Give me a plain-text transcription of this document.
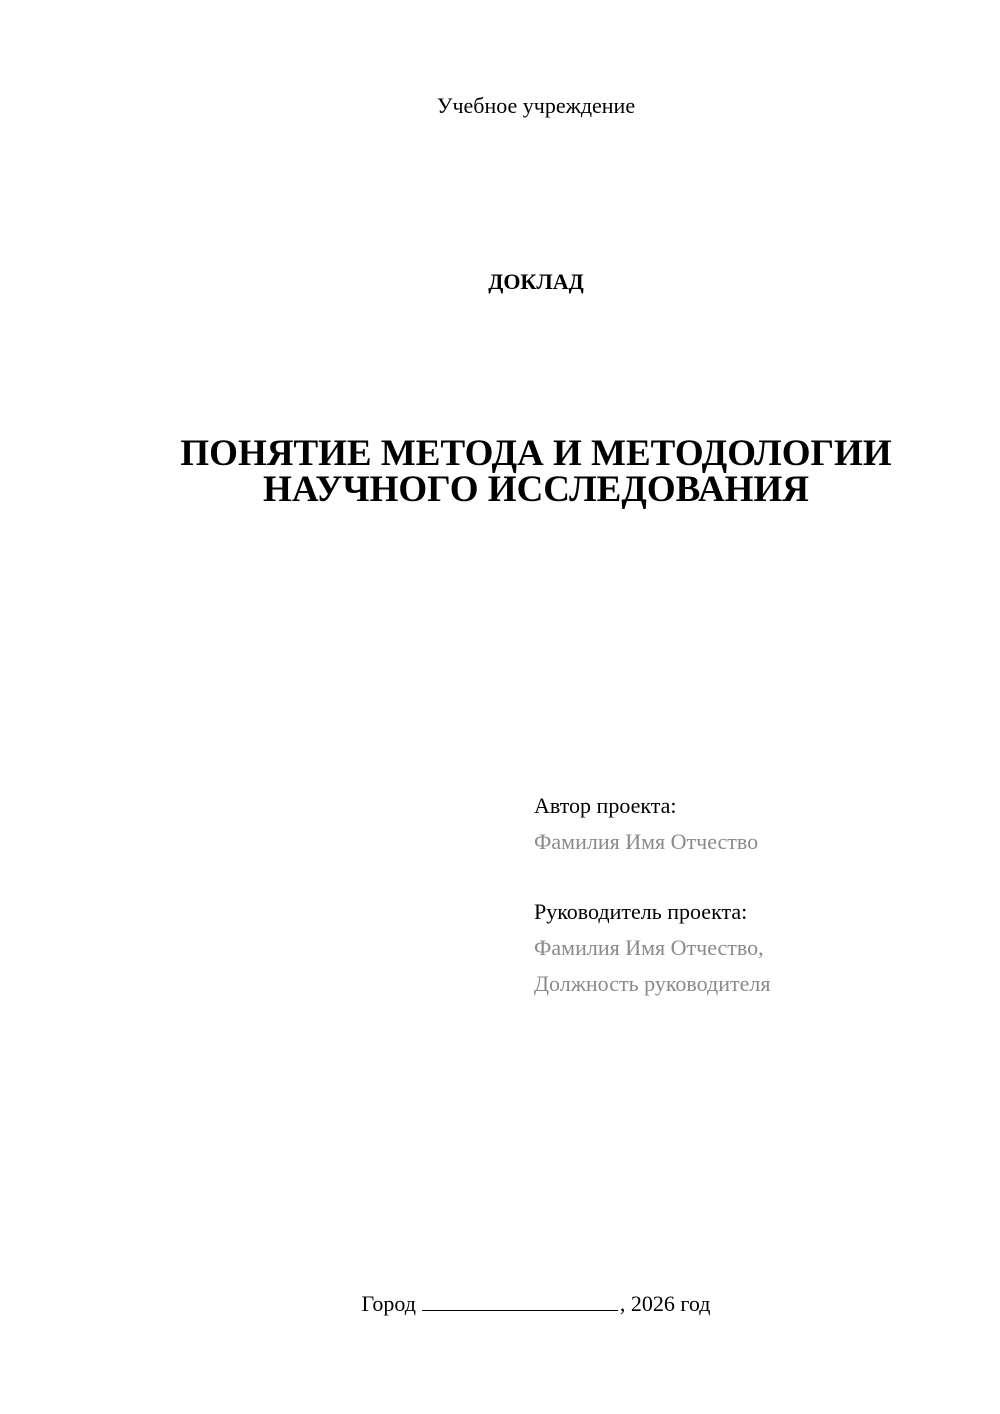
Учебное учреждение
ДОКЛАД
ПОНЯТИЕ МЕТОДА И МЕТОДОЛОГИИ
НАУЧНОГО ИССЛЕДОВАНИЯ
Автор проекта:
Фамилия Имя Отчество
Руководитель проекта:
Фамилия Имя Отчество,
Должность руководителя
Город	, 2026 год
